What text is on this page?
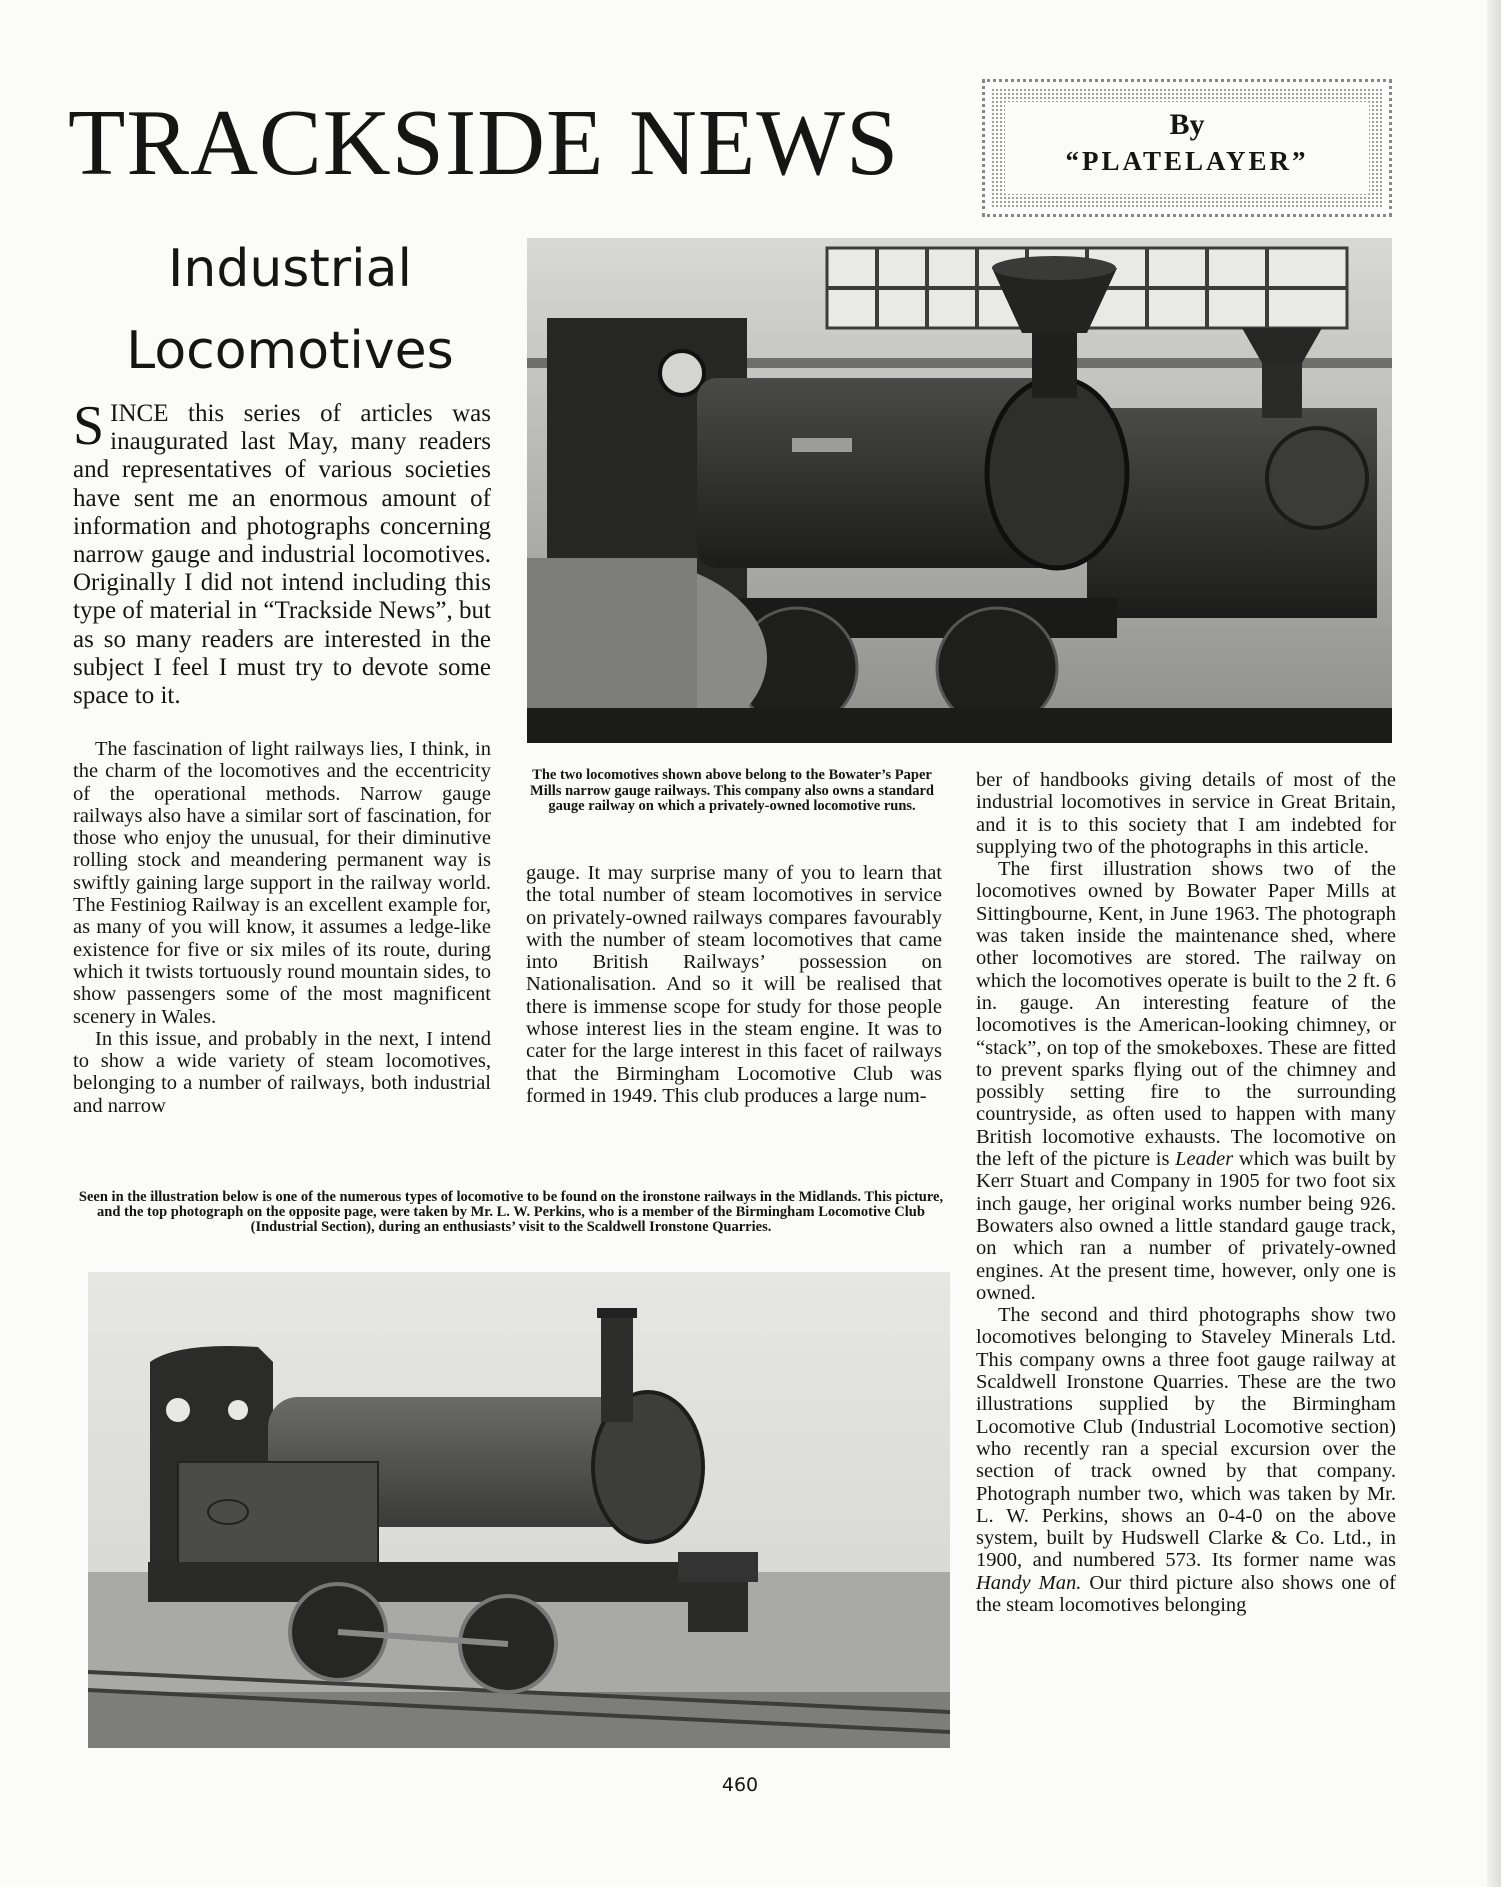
TRACKSIDE NEWS	By
“PLATELAYER”
Industrial
Locomotives

SINCE this series of articles was inaugurated last May, many readers and representatives of various societies have sent me an enormous amount of information and photographs concerning narrow gauge and industrial locomotives. Originally I did not intend including this type of material in “Trackside News”, but as so many readers are interested in the subject I feel I must try to devote some space to it.

The fascination of light railways lies, I think, in the charm of the locomotives and the eccentricity of the operational methods. Narrow gauge railways also have a similar sort of fascination, for those who enjoy the unusual, for their diminutive rolling stock and meandering permanent way is swiftly gaining large support in the railway world. The Festiniog Railway is an excellent example for, as many of you will know, it assumes a ledge-like existence for five or six miles of its route, during which it twists tortuously round mountain sides, to show passengers some of the most magnificent scenery in Wales.

In this issue, and probably in the next, I intend to show a wide variety of steam locomotives, belonging to a number of railways, both industrial and narrow

The two locomotives shown above belong to the Bowater’s Paper Mills narrow gauge railways. This company also owns a standard gauge railway on which a privately-owned locomotive runs.

gauge. It may surprise many of you to learn that the total number of steam locomotives in service on privately-owned railways compares favourably with the number of steam locomotives that came into British Railways’ possession on Nationalisation. And so it will be realised that there is immense scope for study for those people whose interest lies in the steam engine. It was to cater for the large interest in this facet of railways that the Birmingham Locomotive Club was formed in 1949. This club produces a large num-

ber of handbooks giving details of most of the industrial locomotives in service in Great Britain, and it is to this society that I am indebted for supplying two of the photographs in this article.

The first illustration shows two of the locomotives owned by Bowater Paper Mills at Sittingbourne, Kent, in June 1963. The photograph was taken inside the maintenance shed, where other locomotives are stored. The railway on which the locomotives operate is built to the 2 ft. 6 in. gauge. An interesting feature of the locomotives is the American-looking chimney, or “stack”, on top of the smokeboxes. These are fitted to prevent sparks flying out of the chimney and possibly setting fire to the surrounding countryside, as often used to happen with many British locomotive exhausts. The locomotive on the left of the picture is Leader which was built by Kerr Stuart and Company in 1905 for two foot six inch gauge, her original works number being 926. Bowaters also owned a little standard gauge track, on which ran a number of privately-owned engines. At the present time, however, only one is owned.

The second and third photographs show two locomotives belonging to Staveley Minerals Ltd. This company owns a three foot gauge railway at Scaldwell Ironstone Quarries. These are the two illustrations supplied by the Birmingham Locomotive Club (Industrial Locomotive section) who recently ran a special excursion over the section of track owned by that company. Photograph number two, which was taken by Mr. L. W. Perkins, shows an 0-4-0 on the above system, built by Hudswell Clarke & Co. Ltd., in 1900, and numbered 573. Its former name was Handy Man. Our third picture also shows one of the steam locomotives belonging

Seen in the illustration below is one of the numerous types of locomotive to be found on the ironstone railways in the Midlands. This picture, and the top photograph on the opposite page, were taken by Mr. L. W. Perkins, who is a member of the Birmingham Locomotive Club (Industrial Section), during an enthusiasts’ visit to the Scaldwell Ironstone Quarries.
460
